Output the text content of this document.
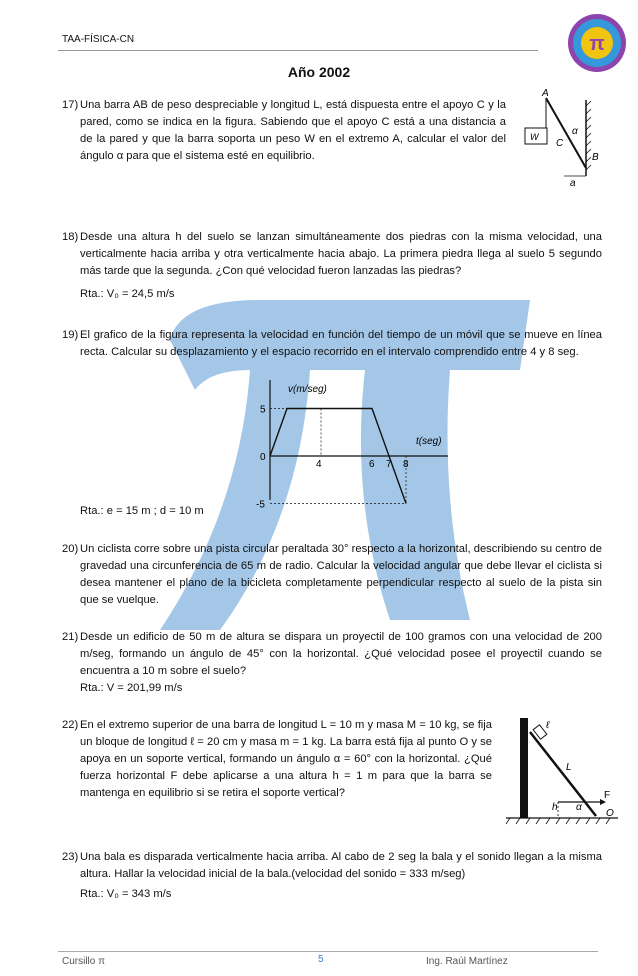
TAA-FÍSICA-CN	π
Año 2002
17) Una barra AB de peso despreciable y longitud L, está dispuesta entre el apoyo C y la pared, como se indica en la figura. Sabiendo que el apoyo C está a una distancia a de la pared y que la barra soporta un peso W en el extremo A, calcular el valor del ángulo α para que el sistema esté en equilibrio.
A
B
C
W	α
a
18) Desde una altura h del suelo se lanzan simultáneamente dos piedras con la misma velocidad, una verticalmente hacia arriba y otra verticalmente hacia abajo. La primera piedra llega al suelo 5 segundo más tarde que la segunda. ¿Con qué velocidad fueron lanzadas las piedras?
Rta.: V₀ = 24,5 m/s
19) El grafico de la figura representa la velocidad en función del tiempo de un móvil que se mueve en línea recta. Calcular su desplazamiento y el espacio recorrido en el intervalo comprendido entre 4 y 8 seg.
v(m/seg)
t(seg)
0
4	6 7 8
5
-5
Rta.: e = 15 m ; d = 10 m
20) Un ciclista corre sobre una pista circular peraltada 30° respecto a la horizontal, describiendo su centro de gravedad una circunferencia de 65 m de radio. Calcular la velocidad angular que debe llevar el ciclista si desea mantener el plano de la bicicleta completamente perpendicular respecto al suelo de la pista sin que se vuelque.
21) Desde un edificio de 50 m de altura se dispara un proyectil de 100 gramos con una velocidad de 200 m/seg, formando un ángulo de 45° con la horizontal. ¿Qué velocidad posee el proyectil cuando se encuentra a 10 m sobre el suelo?
Rta.: V = 201,99 m/s
22) En el extremo superior de una barra de longitud L = 10 m y masa M = 10 kg, se fija un bloque de longitud ℓ = 20 cm y masa m = 1 kg. La barra está fija al punto O y se apoya en un soporte vertical, formando un ángulo α = 60° con la horizontal. ¿Qué fuerza horizontal F debe aplicarse a una altura h = 1 m para que la barra se mantenga en equilibrio si se retira el soporte vertical?
ℓ
L
F
h α
O
23) Una bala es disparada verticalmente hacia arriba. Al cabo de 2 seg la bala y el sonido llegan a la misma altura. Hallar la velocidad inicial de la bala.(velocidad del sonido = 333 m/seg)
Rta.: V₀ = 343 m/s
Cursillo π	5	Ing. Raúl Martínez
